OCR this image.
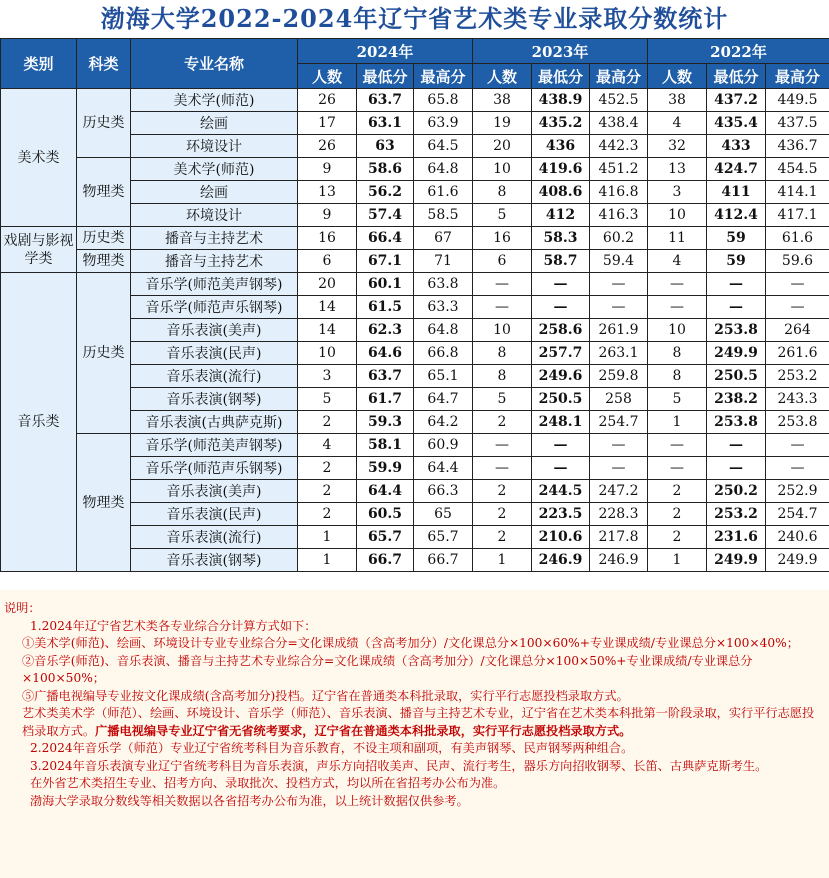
渤海大学2022-2024年辽宁省艺术类专业录取分数统计
类别	科类	专业名称	2024年			2023年			2022年		
			人数	最低分	最高分	人数	最低分	最高分	人数	最低分	最高分
美术类	历史类	美术学(师范)	26	63.7	65.8	38	438.9	452.5	38	437.2	449.5
		绘画	17	63.1	63.9	19	435.2	438.4	4	435.4	437.5
		环境设计	26	63	64.5	20	436	442.3	32	433	436.7
	物理类	美术学(师范)	9	58.6	64.8	10	419.6	451.2	13	424.7	454.5
		绘画	13	56.2	61.6	8	408.6	416.8	3	411	414.1
		环境设计	9	57.4	58.5	5	412	416.3	10	412.4	417.1
戏剧与影视学类	历史类	播音与主持艺术	16	66.4	67	16	58.3	60.2	11	59	61.6
	物理类	播音与主持艺术	6	67.1	71	6	58.7	59.4	4	59	59.6
音乐类	历史类	音乐学(师范美声钢琴)	20	60.1	63.8	—	—	—	—	—	—
		音乐学(师范声乐钢琴)	14	61.5	63.3	—	—	—	—	—	—
		音乐表演(美声)	14	62.3	64.8	10	258.6	261.9	10	253.8	264
		音乐表演(民声)	10	64.6	66.8	8	257.7	263.1	8	249.9	261.6
		音乐表演(流行)	3	63.7	65.1	8	249.6	259.8	8	250.5	253.2
		音乐表演(钢琴)	5	61.7	64.7	5	250.5	258	5	238.2	243.3
		音乐表演(古典萨克斯)	2	59.3	64.2	2	248.1	254.7	1	253.8	253.8
	物理类	音乐学(师范美声钢琴)	4	58.1	60.9	—	—	—	—	—	—
		音乐学(师范声乐钢琴)	2	59.9	64.4	—	—	—	—	—	—
		音乐表演(美声)	2	64.4	66.3	2	244.5	247.2	2	250.2	252.9
		音乐表演(民声)	2	60.5	65	2	223.5	228.3	2	253.2	254.7
		音乐表演(流行)	1	65.7	65.7	2	210.6	217.8	2	231.6	240.6
		音乐表演(钢琴)	1	66.7	66.7	1	246.9	246.9	1	249.9	249.9

说明：

1.2024年辽宁省艺术类各专业综合分计算方式如下：

①美术学(师范)、绘画、环境设计专业专业综合分=文化课成绩（含高考加分）/文化课总分×100×60%+专业课成绩/专业课总分×100×40%；

②音乐学(师范)、音乐表演、播音与主持艺术专业综合分=文化课成绩（含高考加分）/文化课总分×100×50%+专业课成绩/专业课总分×100×50%；

⑤广播电视编导专业按文化课成绩(含高考加分)投档。辽宁省在普通类本科批录取，实行平行志愿投档录取方式。

艺术类美术学（师范）、绘画、环境设计、音乐学（师范）、音乐表演、播音与主持艺术专业，辽宁省在艺术类本科批第一阶段录取，实行平行志愿投档录取方式。广播电视编导专业辽宁省无省统考要求，辽宁省在普通类本科批录取，实行平行志愿投档录取方式。

2.2024年音乐学（师范）专业辽宁省统考科目为音乐教育，不设主项和副项，有美声钢琴、民声钢琴两种组合。

3.2024年音乐表演专业辽宁省统考科目为音乐表演，声乐方向招收美声、民声、流行考生，器乐方向招收钢琴、长笛、古典萨克斯考生。

在外省艺术类招生专业、招考方向、录取批次、投档方式，均以所在省招考办公布为准。

渤海大学录取分数线等相关数据以各省招考办公布为准，以上统计数据仅供参考。
